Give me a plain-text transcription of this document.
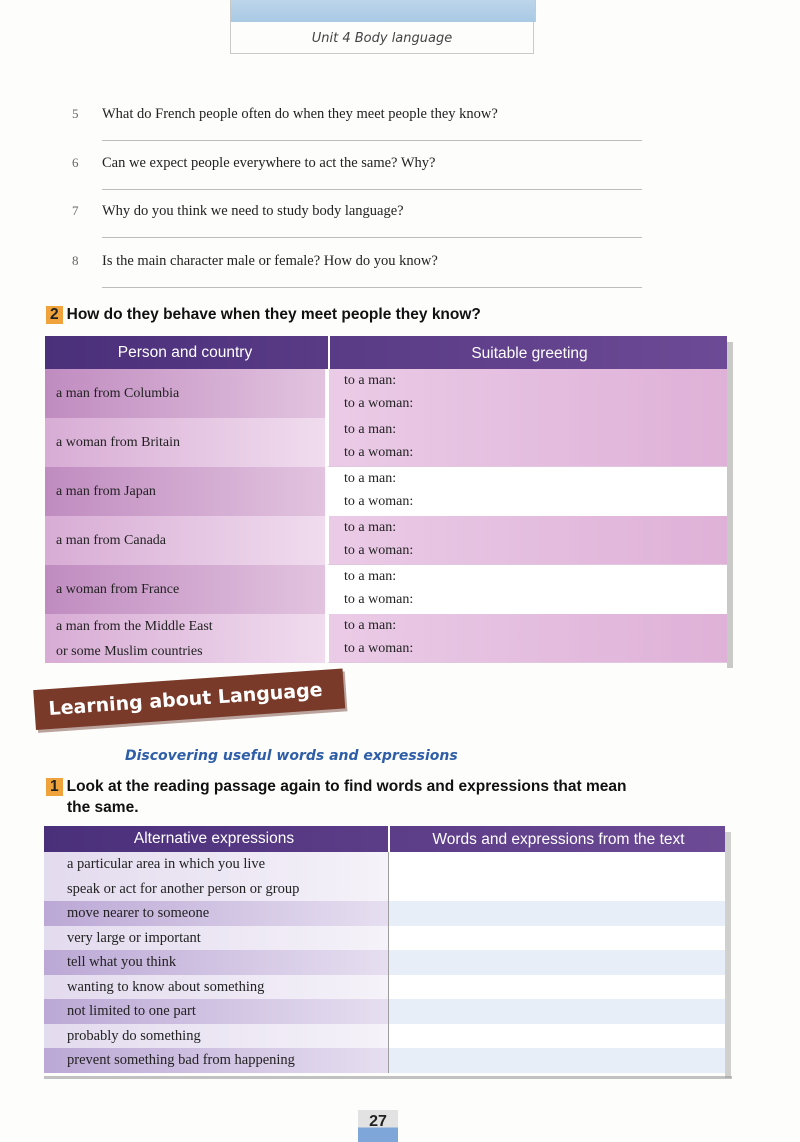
Unit 4 Body language
5 What do French people often do when they meet people they know?
6 Can we expect people everywhere to act the same? Why?
7 Why do you think we need to study body language?
8 Is the main character male or female? How do you know?
2 How do they behave when they meet people they know?
Person and country	Suitable greeting
a man from Columbia
to a man:
to a woman:
a woman from Britain
to a man:
to a woman:
a man from Japan
to a man:
to a woman:
a man from Canada
to a man:
to a woman:
a woman from France
to a man:
to a woman:
a man from the Middle East
or some Muslim countries
to a man:
to a woman:
Learning about Language
Discovering useful words and expressions
1 Look at the reading passage again to find words and expressions that mean
the same.
Alternative expressions	Words and expressions from the text
a particular area in which you live
speak or act for another person or group
move nearer to someone
very large or important
tell what you think
wanting to know about something
not limited to one part
probably do something
prevent something bad from happening
27
